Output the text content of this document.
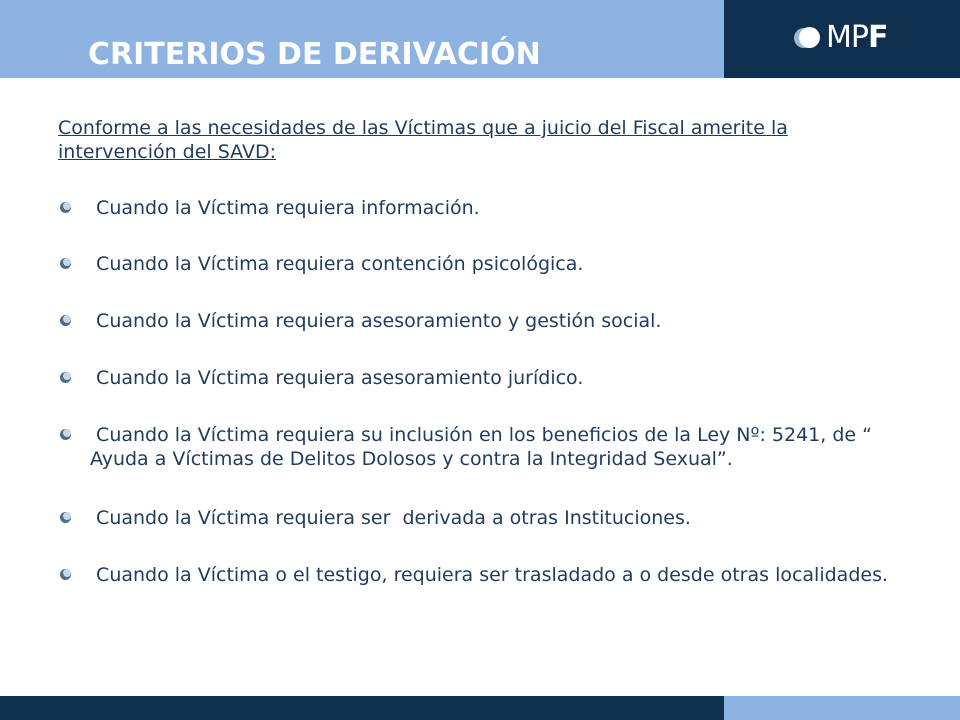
CRITERIOS DE DERIVACIÓN	MPF

Conforme a las necesidades de las Víctimas que a juicio del Fiscal amerite la intervención del SAVD:

Cuando la Víctima requiera información.
Cuando la Víctima requiera contención psicológica.
Cuando la Víctima requiera asesoramiento y gestión social.
Cuando la Víctima requiera asesoramiento jurídico.
Cuando la Víctima requiera su inclusión en los beneficios de la Ley Nº: 5241, de “ Ayuda a Víctimas de Delitos Dolosos y contra la Integridad Sexual”.
Cuando la Víctima requiera ser  derivada a otras Instituciones.
Cuando la Víctima o el testigo, requiera ser trasladado a o desde otras localidades.
